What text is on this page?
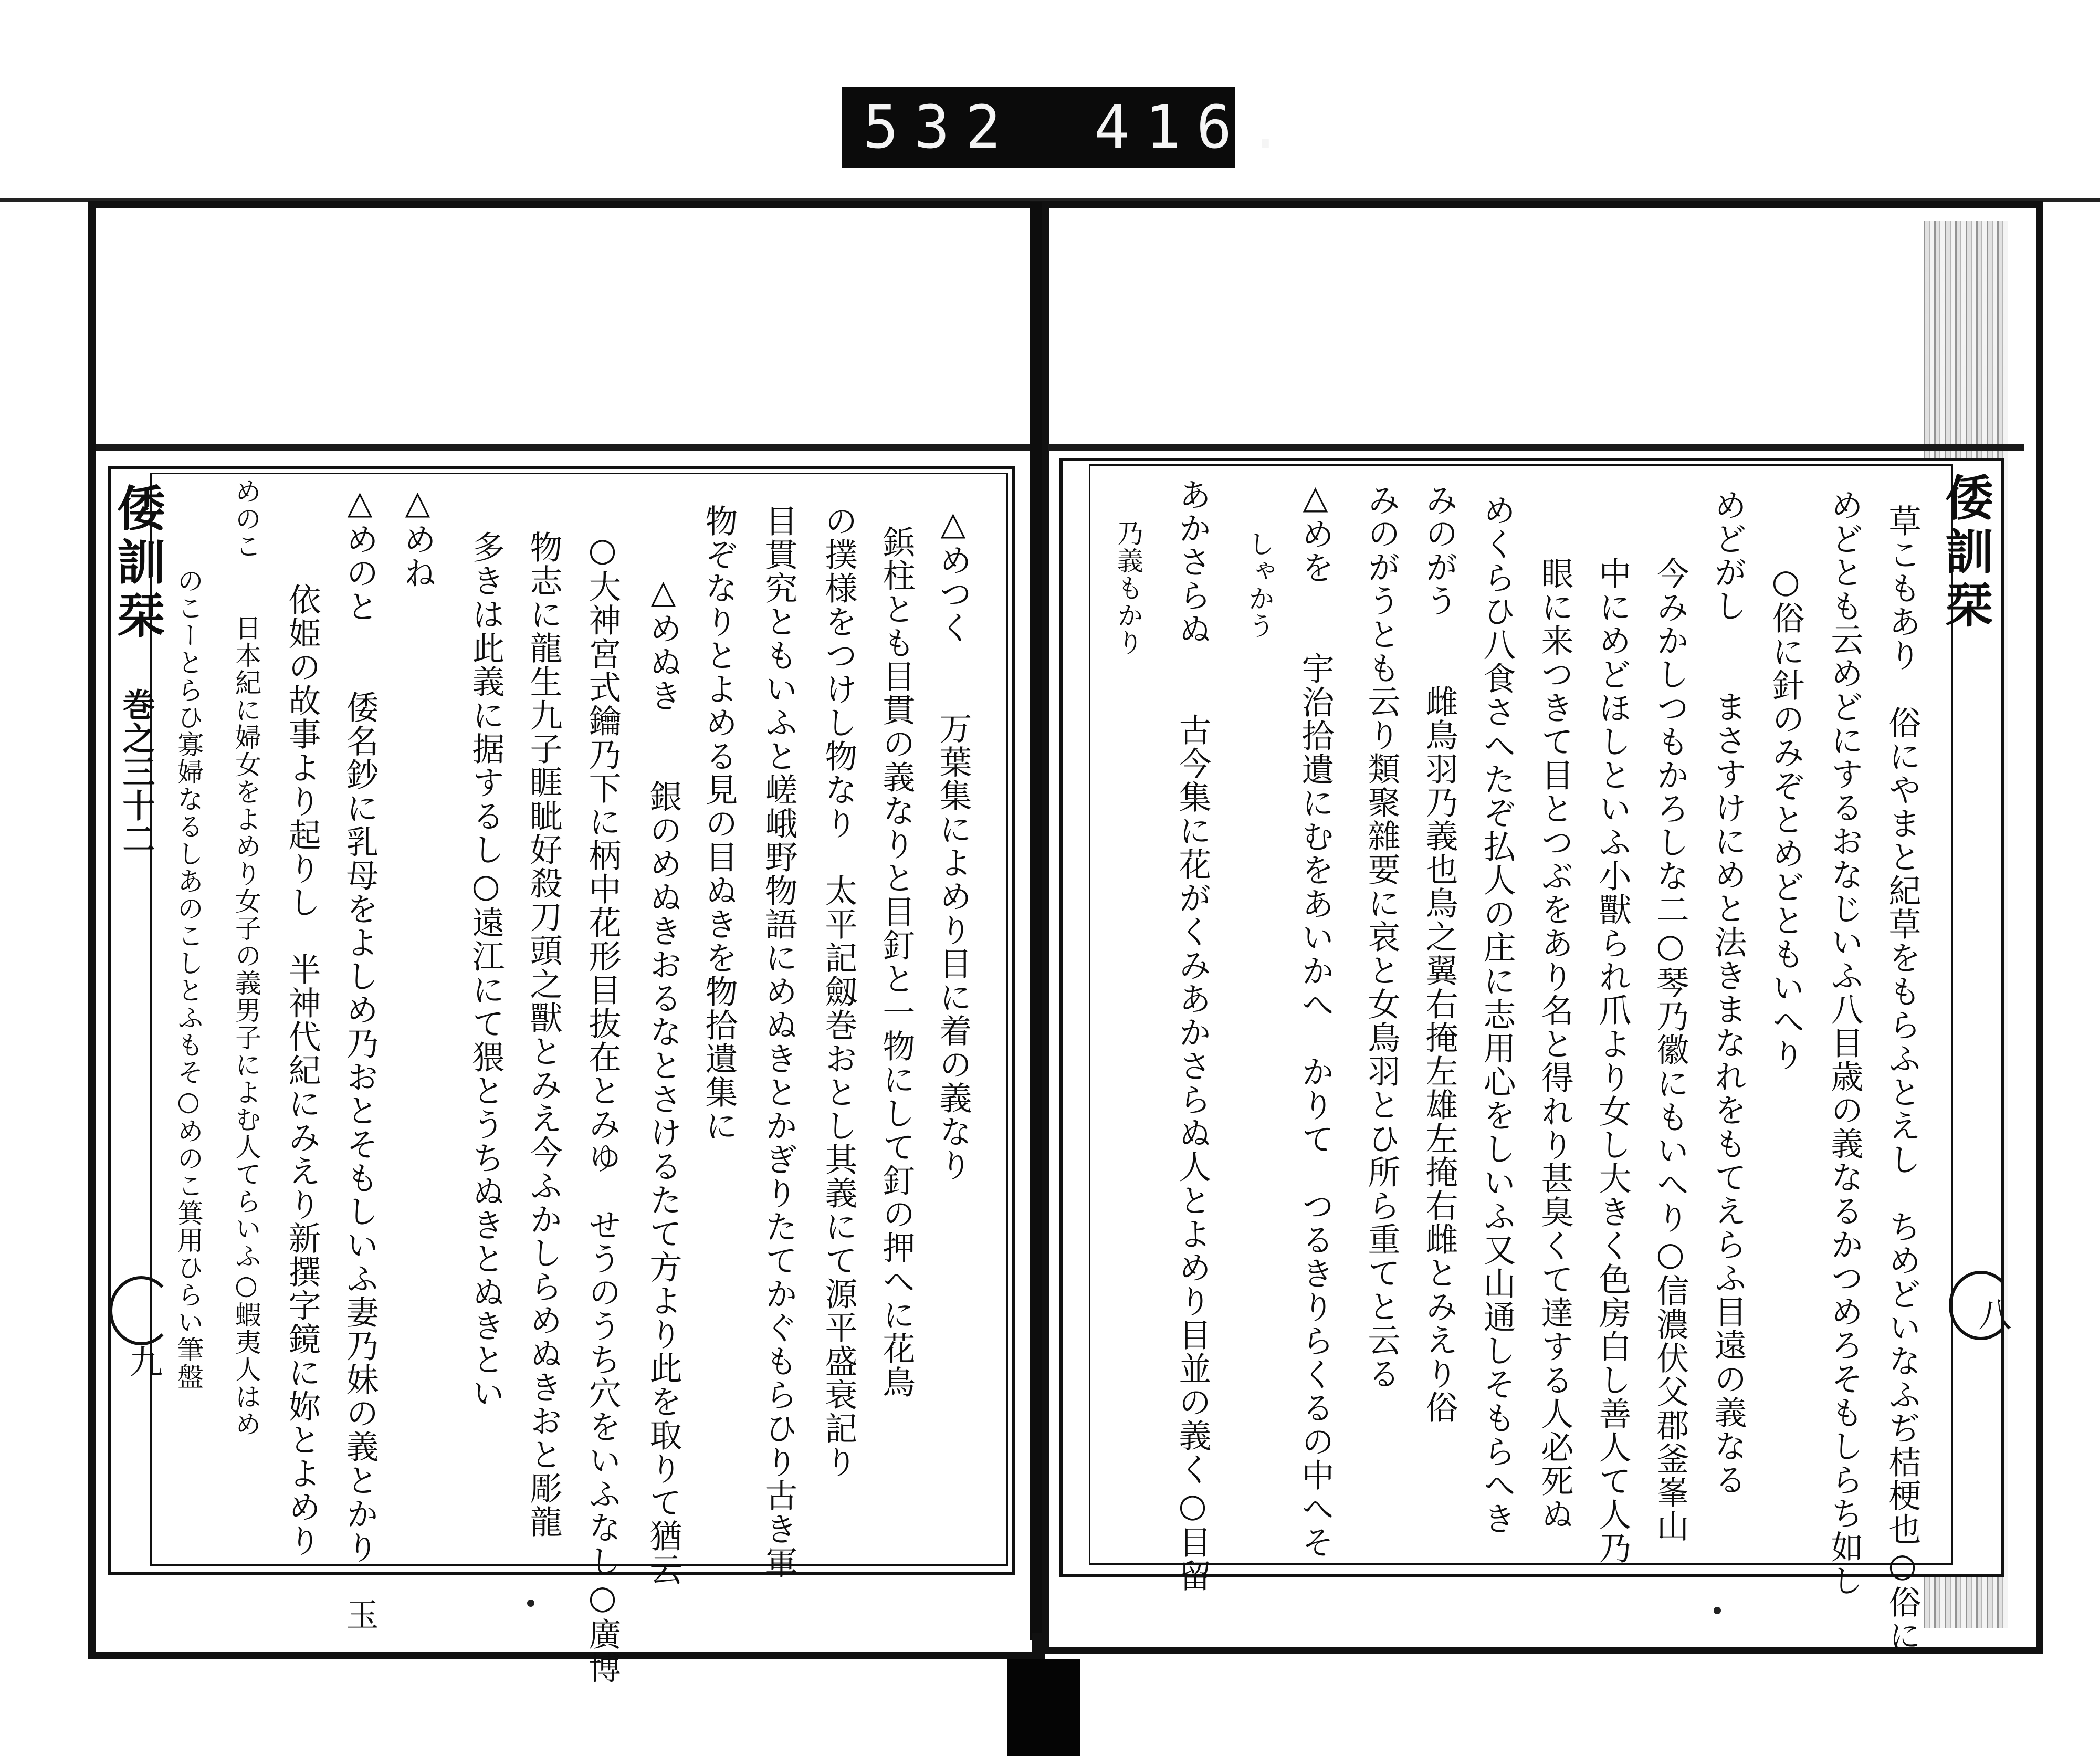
532 416.
倭訓栞
巻之三十二
九
△めつく　　万葉集によめり目に着の義なり
△めぬき　　銀のめぬきおるなとさけるたて方より此を取りて猶云 物ぞなりとよめる見の目ぬきを物拾遺集に 目貫究ともいふと嵯峨野物語にめぬきとかぎりたてかぐもらひり古き軍 の撲様をつけし物なり　太平記劔巻おとし其義にて源平盛衰記り 鋲柱とも目貫の義なりと目釘と一物にして釘の押へに花鳥
○大神宮式鑰乃下に柄中花形目抜在とみゆ　せうのうち穴をいふなし○廣博
物志に龍生九子睚眦好殺刀頭之獸とみえ今ふかしらめぬきおと彫龍
多きは此義に据するし○遠江にて猥とうちぬきとぬきとい
△めね
△めのと　　倭名鈔に乳母をよしめ乃おとそもしいふ妻乃妹の義とかり　玉
依姫の故事より起りし　半神代紀にみえり新撰字鏡に妳とよめり
めのこ　　日本紀に婦女をよめり女子の義男子によむ人てらいふ○蝦夷人はめ
のこーとらひ寡婦なるしあのこしとふもそ○めのこ箕用ひらい筆盤
倭訓栞
八
草こもあり　俗にやまと紀草をもらふとえし　ちめどいなふぢ桔梗也○俗に
めどとも云めどにするおなじいふ八目歳の義なるかつめろそもしらち如し
○俗に針のみぞとめどともいへり
めどがし　　まさすけにめと法きまなれをもてえらふ目遠の義なる
今みかしつもかろしな二○琴乃徽にもいへり○信濃伏父郡釜峯山
中にめどほしといふ小獸られ爪より女し大きく色房白し善人て人乃
眼に来つきて目とつぶをあり名と得れり甚臭くて達する人必死ぬ
めくらひ八食さへたぞ払人の庄に志用心をしいふ又山通しそもらへき
みのがう　　雌鳥羽乃義也鳥之翼右掩左雄左掩右雌とみえり俗
みのがうとも云り類聚雜要に哀と女鳥羽とひ所ら重てと云る
△めを　　宇治拾遺にむをあいかへ　かりて　つるきりらくるの中へそ
しゃかう
あかさらぬ　　古今集に花がくみあかさらぬ人とよめり目並の義く○目留
乃義もかり
